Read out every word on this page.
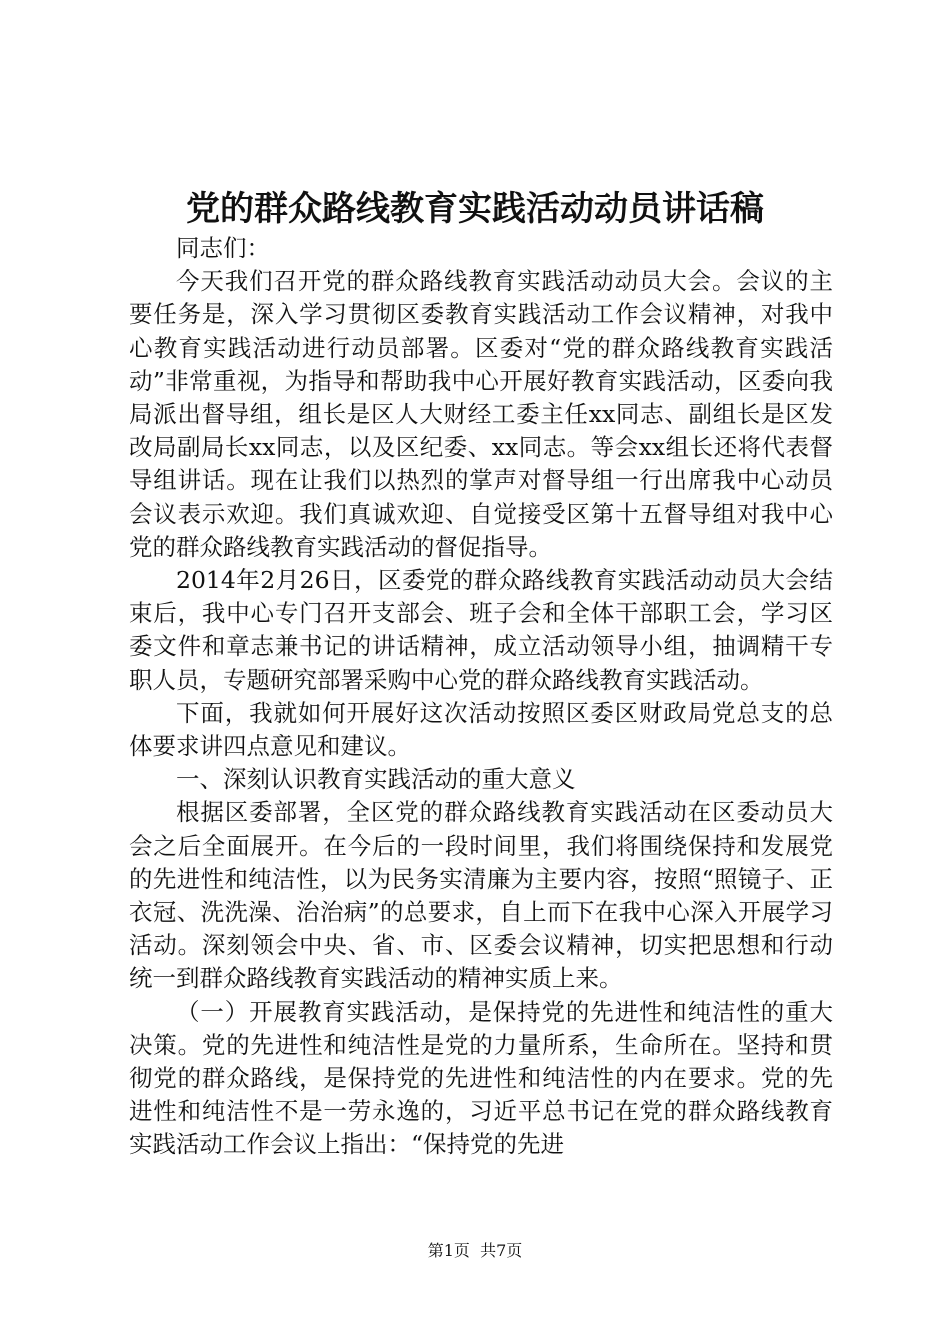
党的群众路线教育实践活动动员讲话稿

同志们：

今天我们召开党的群众路线教育实践活动动员大会。会议的主要任务是，深入学习贯彻区委教育实践活动工作会议精神，对我中心教育实践活动进行动员部署。区委对“党的群众路线教育实践活动”非常重视，为指导和帮助我中心开展好教育实践活动，区委向我局派出督导组，组长是区人大财经工委主任xx同志、副组长是区发改局副局长xx同志，以及区纪委、xx同志。等会xx组长还将代表督导组讲话。现在让我们以热烈的掌声对督导组一行出席我中心动员会议表示欢迎。我们真诚欢迎、自觉接受区第十五督导组对我中心党的群众路线教育实践活动的督促指导。

2014年2月26日，区委党的群众路线教育实践活动动员大会结束后，我中心专门召开支部会、班子会和全体干部职工会，学习区委文件和章志兼书记的讲话精神，成立活动领导小组，抽调精干专职人员，专题研究部署采购中心党的群众路线教育实践活动。

下面，我就如何开展好这次活动按照区委区财政局党总支的总体要求讲四点意见和建议。

一、深刻认识教育实践活动的重大意义

根据区委部署，全区党的群众路线教育实践活动在区委动员大会之后全面展开。在今后的一段时间里，我们将围绕保持和发展党的先进性和纯洁性，以为民务实清廉为主要内容，按照“照镜子、正衣冠、洗洗澡、治治病”的总要求，自上而下在我中心深入开展学习活动。深刻领会中央、省、市、区委会议精神，切实把思想和行动统一到群众路线教育实践活动的精神实质上来。

（一）开展教育实践活动，是保持党的先进性和纯洁性的重大决策。党的先进性和纯洁性是党的力量所系，生命所在。坚持和贯彻党的群众路线，是保持党的先进性和纯洁性的内在要求。党的先进性和纯洁性不是一劳永逸的，习近平总书记在党的群众路线教育实践活动工作会议上指出：“保持党的先进

第1页 共7页
